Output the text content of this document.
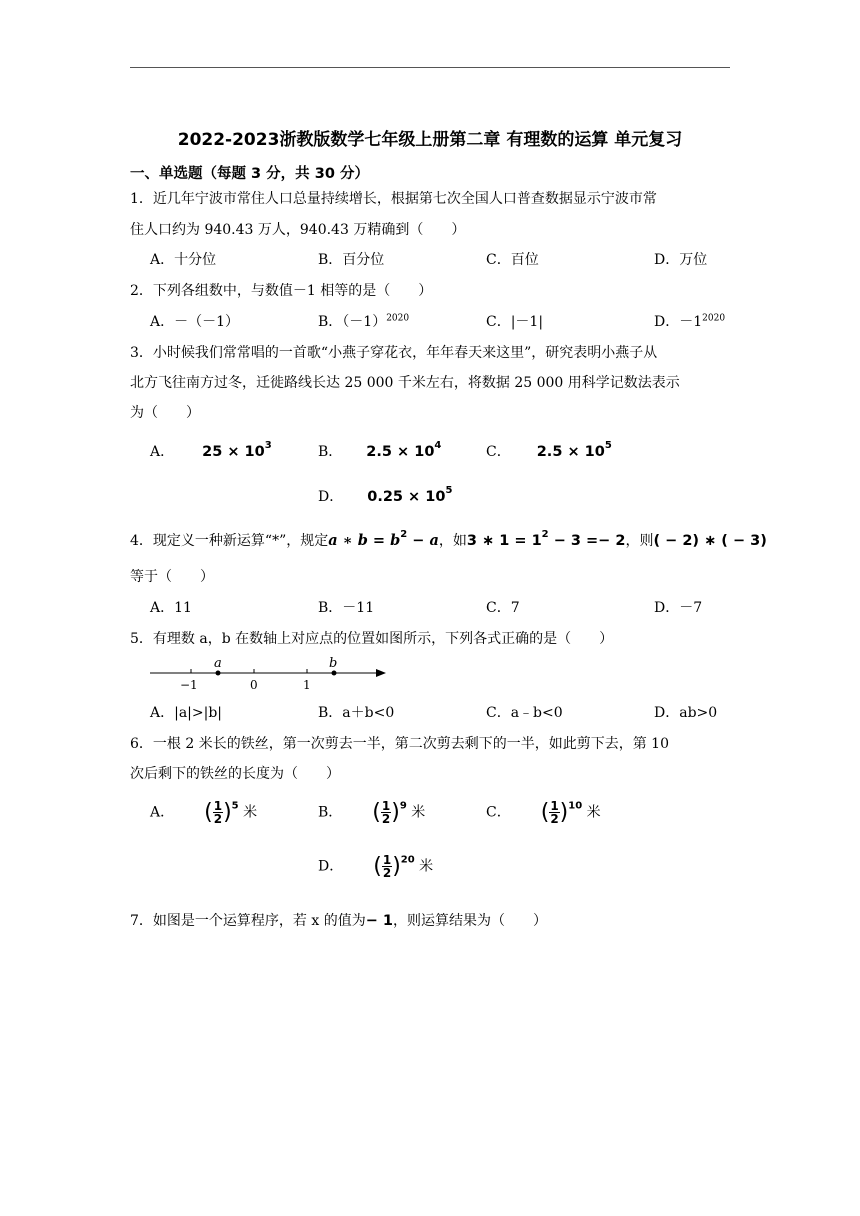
2022-2023浙教版数学七年级上册第二章 有理数的运算 单元复习
一、单选题（每题 3 分，共 30 分）
1．近几年宁波市常住人口总量持续增长，根据第七次全国人口普查数据显示宁波市常
住人口约为 940.43 万人，940.43 万精确到（　　）
A．十分位	B．百分位	C．百位	D．万位
2．下列各组数中，与数值－1 相等的是（　　）
A．－（－1）	B．$(-1)^{2020}$	C．|－1|	D．$-1^{2020}$
3．小时候我们常常唱的一首歌“小燕子穿花衣，年年春天来这里”，研究表明小燕子从
北方飞往南方过冬，迁徙路线长达 25 000 千米左右，将数据 25 000 用科学记数法表示
为（　　）
A． $25 \times 10^3$	B． $2.5 \times 10^4$	C． $2.5 \times 10^5$
D． $0.25 \times 10^5$
4．现定义一种新运算“*”，规定a ∗ $b = b^2 - a$，如3 ∗ $1 = 1^2 - 3 =- 2$，则( − 2) ∗ ( − 3)
等于（　　）
A．11	B．－11	C．7	D．－7
5．有理数 a，b 在数轴上对应点的位置如图所示，下列各式正确的是（　　）
a	b
−1	0	1
A．|a|>|b|	B．a＋b<0	C．a﹣b<0	D．ab>0
6．一根 2 米长的铁丝，第一次剪去一半，第二次剪去剩下的一半，如此剪下去，第 10
次后剩下的铁丝的长度为（　　）
A． ( $\frac{1}{2} )^5$ 米	B． ( $\frac{1}{2} )^9$ 米	C． ( $\frac{1}{2} )^{10}$ 米
D． ( $\frac{1}{2} )^{20}$ 米
7．如图是一个运算程序，若 x 的值为− 1，则运算结果为（　　）
